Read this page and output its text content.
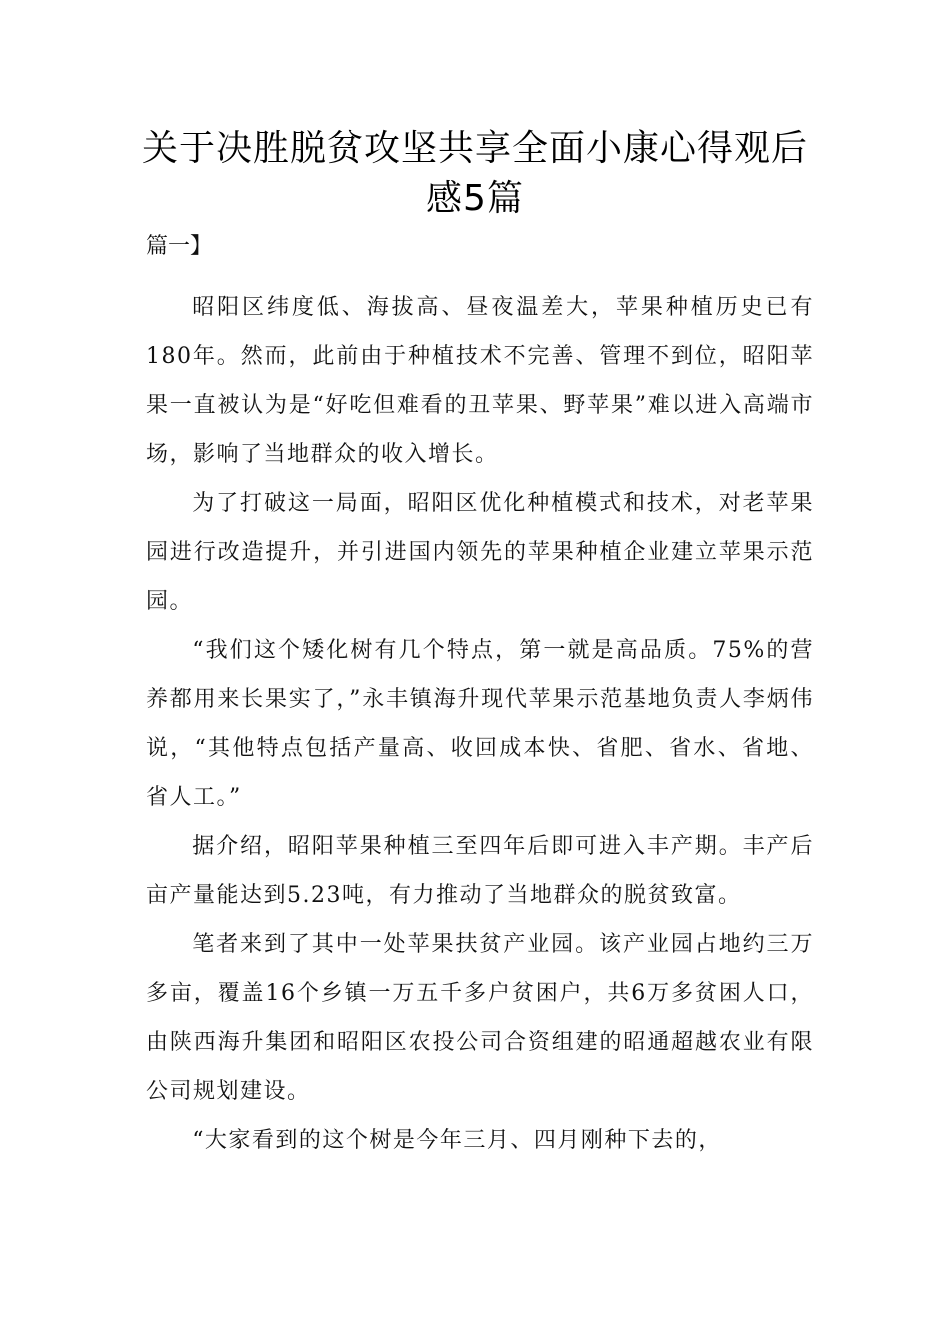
关于决胜脱贫攻坚共享全面小康心得观后感5篇

篇一】

昭阳区纬度低、海拔高、昼夜温差大，苹果种植历史已有180年。然而，此前由于种植技术不完善、管理不到位，昭阳苹果一直被认为是“好吃但难看的丑苹果、野苹果”难以进入高端市场，影响了当地群众的收入增长。

为了打破这一局面，昭阳区优化种植模式和技术，对老苹果园进行改造提升，并引进国内领先的苹果种植企业建立苹果示范园。

“我们这个矮化树有几个特点，第一就是高品质。75%的营养都用来长果实了，”永丰镇海升现代苹果示范基地负责人李炳伟说，“其他特点包括产量高、收回成本快、省肥、省水、省地、省人工。”

据介绍，昭阳苹果种植三至四年后即可进入丰产期。丰产后亩产量能达到5.23吨，有力推动了当地群众的脱贫致富。

笔者来到了其中一处苹果扶贫产业园。该产业园占地约三万多亩，覆盖16个乡镇一万五千多户贫困户，共6万多贫困人口，由陕西海升集团和昭阳区农投公司合资组建的昭通超越农业有限公司规划建设。

“大家看到的这个树是今年三月、四月刚种下去的，
